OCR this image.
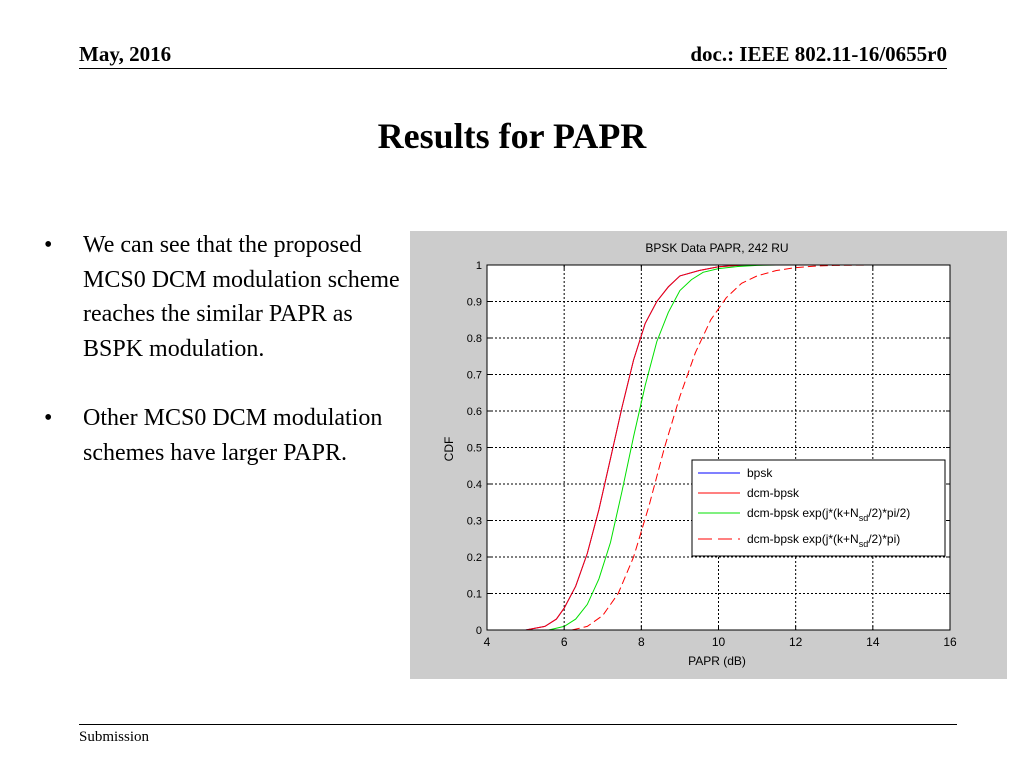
May, 2016	doc.: IEEE 802.11-16/0655r0
Results for PAPR
• We can see that the proposed MCS0 DCM modulation scheme reaches the similar PAPR as BSPK modulation.
• Other MCS0 DCM modulation schemes have larger PAPR.
BPSK Data PAPR, 242 RU
PAPR (dB)
CDF
4	6	8	10	12	14	16
0
0.1
0.2
0.3
0.4
0.5
0.6
0.7
0.8
0.9
1
bpsk
dcm-bpsk
dcm-bpsk $\exp(j*(k+N_{sd}/2)*pi/2)$
dcm-bpsk $\exp(j*(k+N_{sd}/2)*pi)$
Submission
